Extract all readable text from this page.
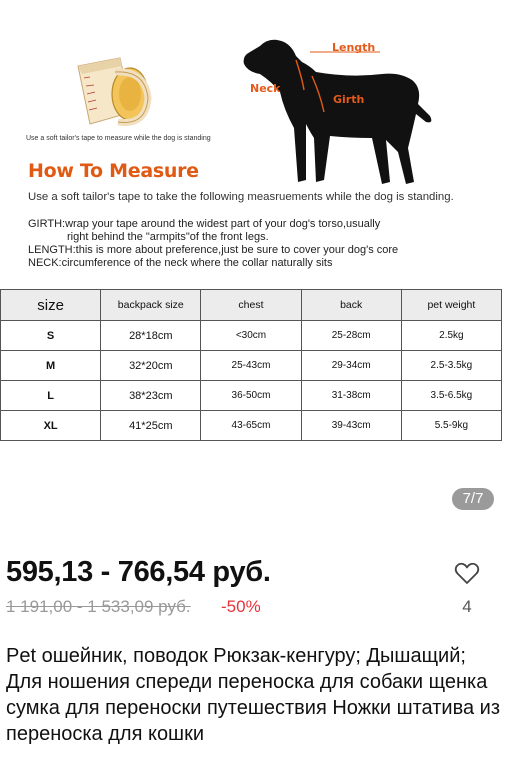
Use a soft tailor's tape to measure while the dog is standing
Length
Neck
Girth
How To Measure
Use a soft tailor's tape to take the following measruements while the dog is standing.
GIRTH:wrap your tape around the widest part of your dog's torso,usually
right behind the "armpits"of the front legs.
LENGTH:this is more about preference,just be sure to cover your dog's core
NECK:circumference of the neck where the collar naturally sits
size	backpack size	chest	back	pet weight
S	28*18cm	<30cm	25-28cm	2.5kg
M	32*20cm	25-43cm	29-34cm	2.5-3.5kg
L	38*23cm	36-50cm	31-38cm	3.5-6.5kg
XL	41*25cm	43-65cm	39-43cm	5.5-9kg
7/7
595,13 - 766,54 руб.
1 191,00 - 1 533,09 руб. -50%	4
Pet ошейник, поводок Рюкзак-кенгуру; Дышащий; Для ношения спереди переноска для собаки щенка сумка для переноски путешествия Ножки штатива из переноска для кошки
